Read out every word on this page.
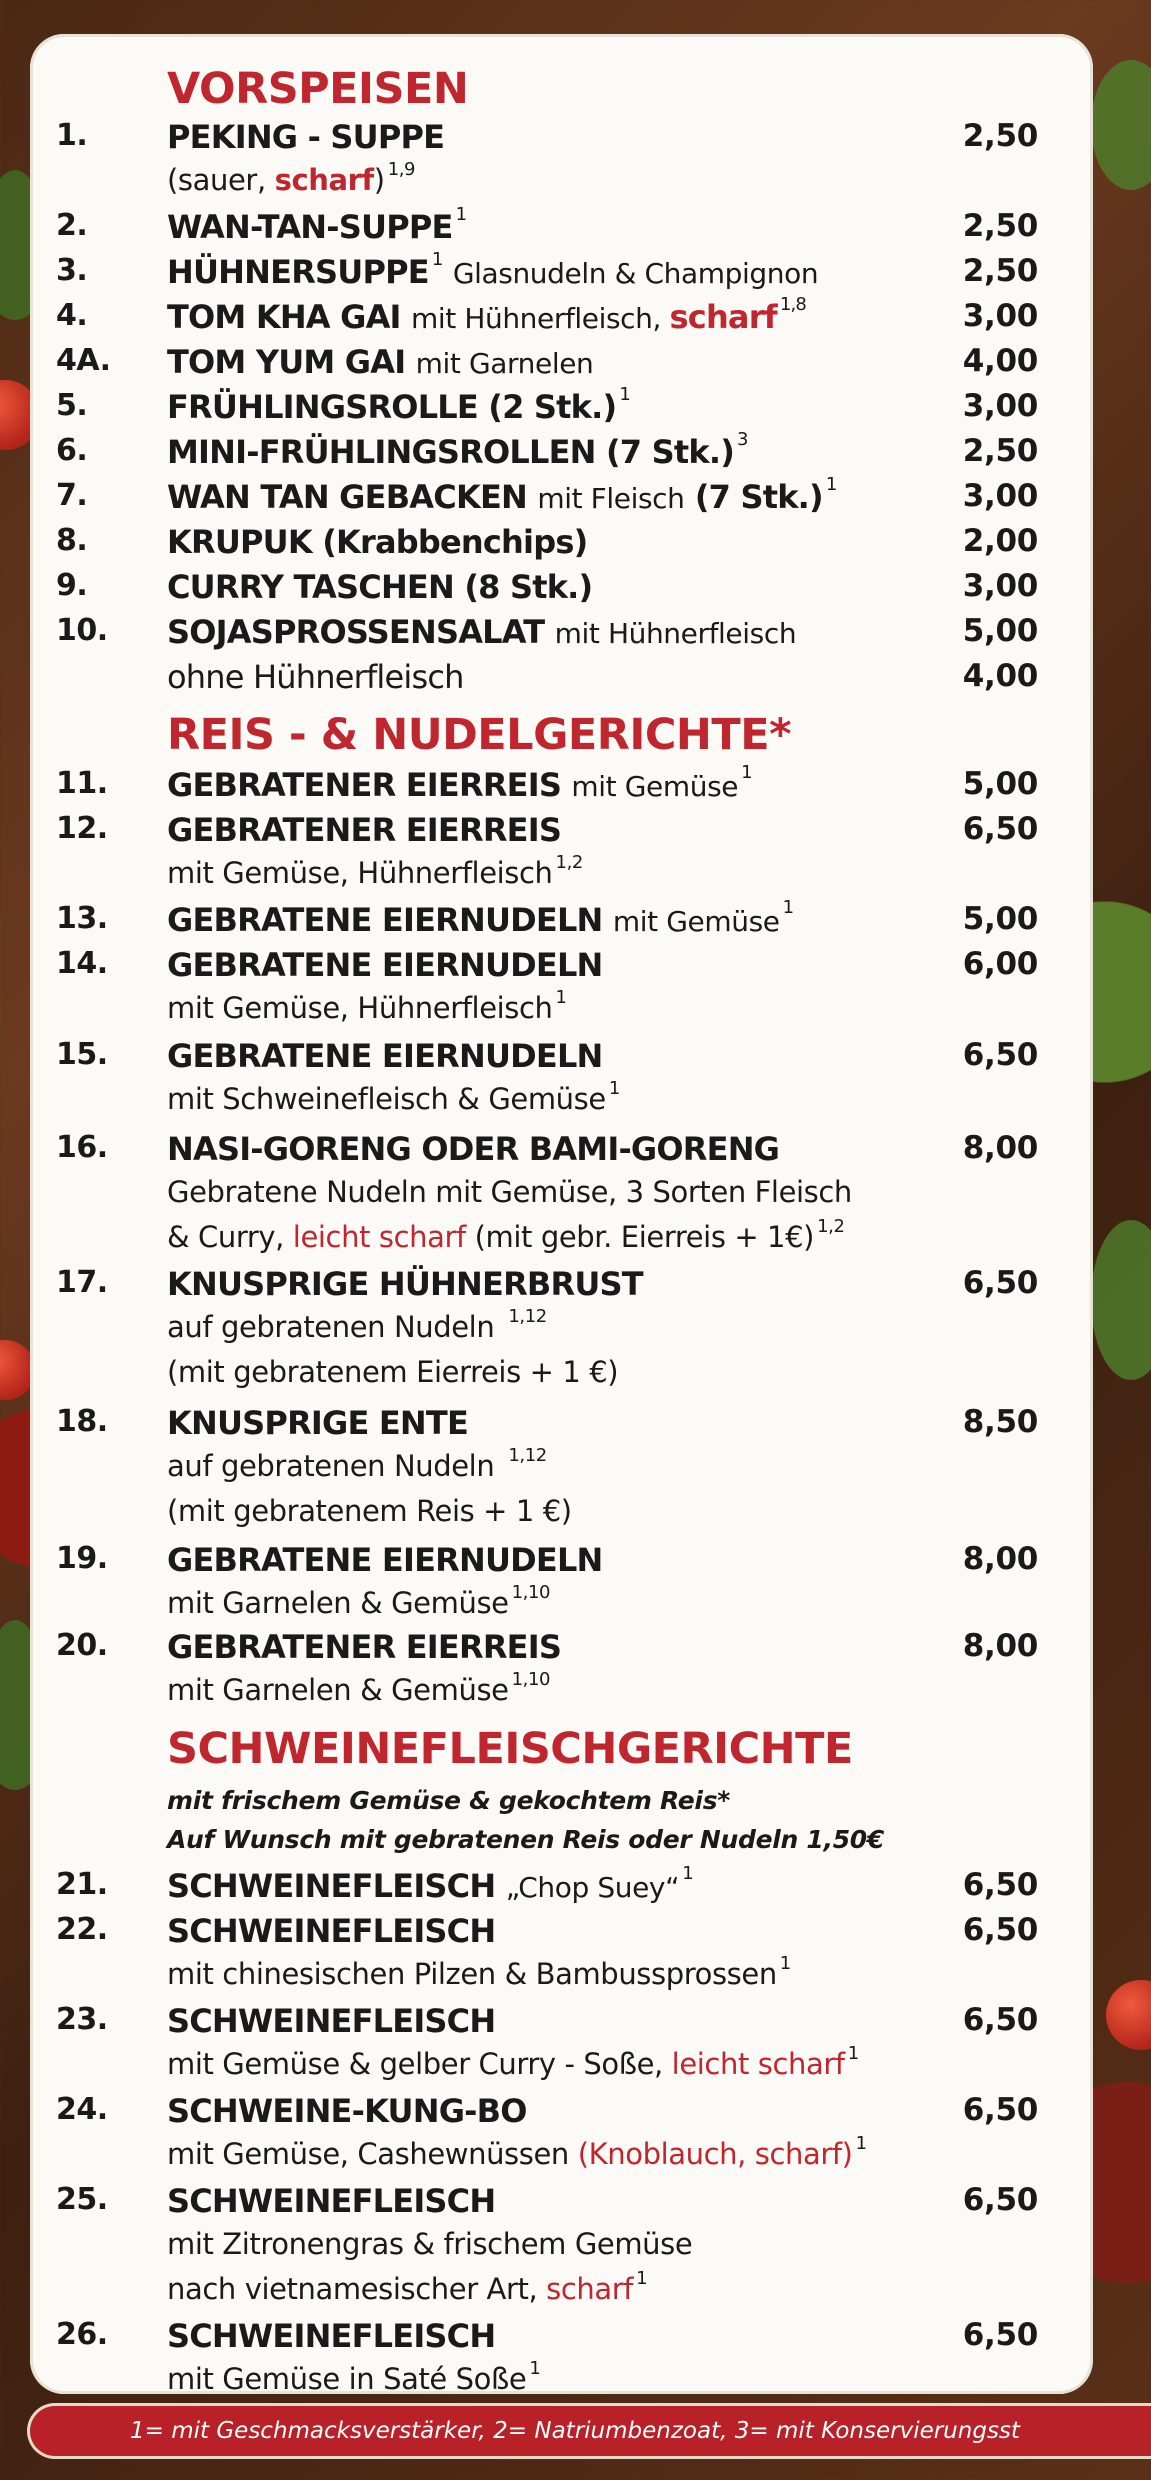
VORSPEISEN
1. PEKING - SUPPE	2,50
(sauer, scharf) $^{1,9}$
2. WAN-TAN-SUPPE $^1$	2,50
3. HÜHNERSUPPE $^1$ Glasnudeln & Champignon	2,50
4. TOM KHA GAI mit Hühnerfleisch, scharf $^{1,8}$	3,00
4A. TOM YUM GAI mit Garnelen	4,00
5. FRÜHLINGSROLLE (2 Stk.) $^1$	3,00
6. MINI-FRÜHLINGSROLLEN (7 Stk.) $^3$	2,50
7. WAN TAN GEBACKEN mit Fleisch (7 Stk.) $^1$	3,00
8. KRUPUK (Krabbenchips)	2,00
9. CURRY TASCHEN (8 Stk.)	3,00
10. SOJASPROSSENSALAT mit Hühnerfleisch	5,00
ohne Hühnerfleisch	4,00
REIS - & NUDELGERICHTE*
11. GEBRATENER EIERREIS mit Gemüse $^1$	5,00
12. GEBRATENER EIERREIS	6,50
mit Gemüse, Hühnerfleisch $^{1,2}$
13. GEBRATENE EIERNUDELN mit Gemüse $^1$	5,00
14. GEBRATENE EIERNUDELN	6,00
mit Gemüse, Hühnerfleisch $^1$
15. GEBRATENE EIERNUDELN	6,50
mit Schweinefleisch & Gemüse $^1$
16. NASI-GORENG ODER BAMI-GORENG	8,00
Gebratene Nudeln mit Gemüse, 3 Sorten Fleisch
& Curry, leicht scharf (mit gebr. Eierreis + 1€) $^{1,2}$
17. KNUSPRIGE HÜHNERBRUST	6,50
auf gebratenen Nudeln $^{1,12}$
(mit gebratenem Eierreis + 1 €)
18. KNUSPRIGE ENTE	8,50
auf gebratenen Nudeln $^{1,12}$
(mit gebratenem Reis + 1 €)
19. GEBRATENE EIERNUDELN	8,00
mit Garnelen & Gemüse $^{1,10}$
20. GEBRATENER EIERREIS	8,00
mit Garnelen & Gemüse $^{1,10}$
SCHWEINEFLEISCHGERICHTE
mit frischem Gemüse & gekochtem Reis*
Auf Wunsch mit gebratenen Reis oder Nudeln 1,50€
21. SCHWEINEFLEISCH „Chop Suey“ $^1$	6,50
22. SCHWEINEFLEISCH	6,50
mit chinesischen Pilzen & Bambussprossen $^1$
23. SCHWEINEFLEISCH	6,50
mit Gemüse & gelber Curry - Soße, leicht scharf $^1$
24. SCHWEINE-KUNG-BO	6,50
mit Gemüse, Cashewnüssen (Knoblauch, scharf) $^1$
25. SCHWEINEFLEISCH	6,50
mit Zitronengras & frischem Gemüse
nach vietnamesischer Art, scharf $^1$
26. SCHWEINEFLEISCH	6,50
mit Gemüse in Saté Soße $^1$
1= mit Geschmacksverstärker, 2= Natriumbenzoat, 3= mit Konservierungsst
